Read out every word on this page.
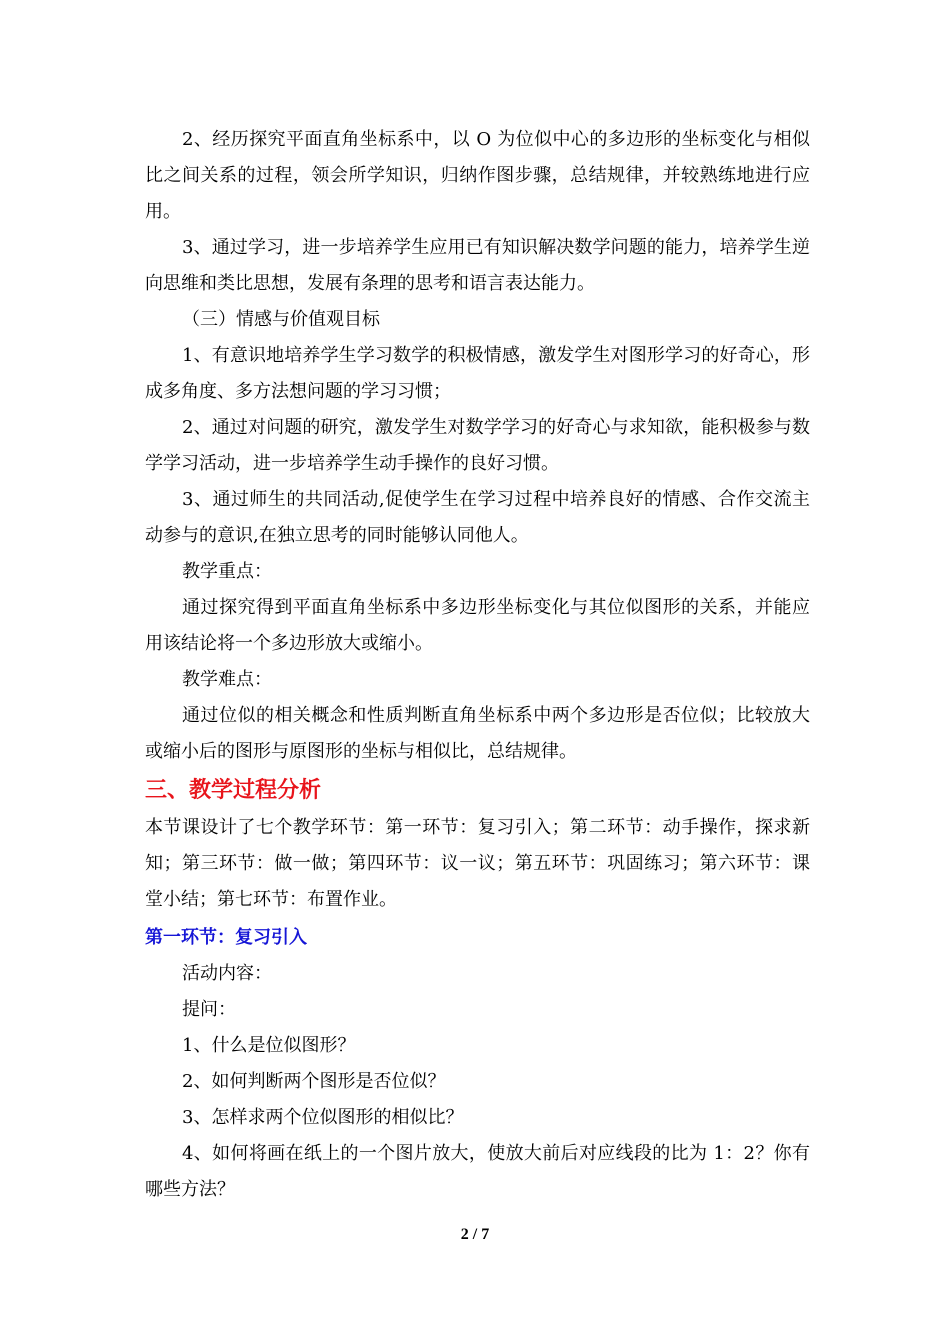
2、经历探究平面直角坐标系中，以 O 为位似中心的多边形的坐标变化与相似比之间关系的过程，领会所学知识，归纳作图步骤，总结规律，并较熟练地进行应用。

3、通过学习，进一步培养学生应用已有知识解决数学问题的能力，培养学生逆向思维和类比思想，发展有条理的思考和语言表达能力。

（三）情感与价值观目标

1、有意识地培养学生学习数学的积极情感，激发学生对图形学习的好奇心，形成多角度、多方法想问题的学习习惯；

2、通过对问题的研究，激发学生对数学学习的好奇心与求知欲，能积极参与数学学习活动，进一步培养学生动手操作的良好习惯。

3、通过师生的共同活动,促使学生在学习过程中培养良好的情感、合作交流主动参与的意识,在独立思考的同时能够认同他人。

教学重点：

通过探究得到平面直角坐标系中多边形坐标变化与其位似图形的关系，并能应用该结论将一个多边形放大或缩小。

教学难点：

通过位似的相关概念和性质判断直角坐标系中两个多边形是否位似；比较放大或缩小后的图形与原图形的坐标与相似比，总结规律。

三、教学过程分析

本节课设计了七个教学环节：第一环节：复习引入；第二环节：动手操作，探求新知；第三环节：做一做；第四环节：议一议；第五环节：巩固练习；第六环节：课堂小结；第七环节：布置作业。

第一环节：复习引入

活动内容：

提问：

1、什么是位似图形？

2、如何判断两个图形是否位似？

3、怎样求两个位似图形的相似比？

4、如何将画在纸上的一个图片放大，使放大前后对应线段的比为 1：2？你有哪些方法？

2 / 7
